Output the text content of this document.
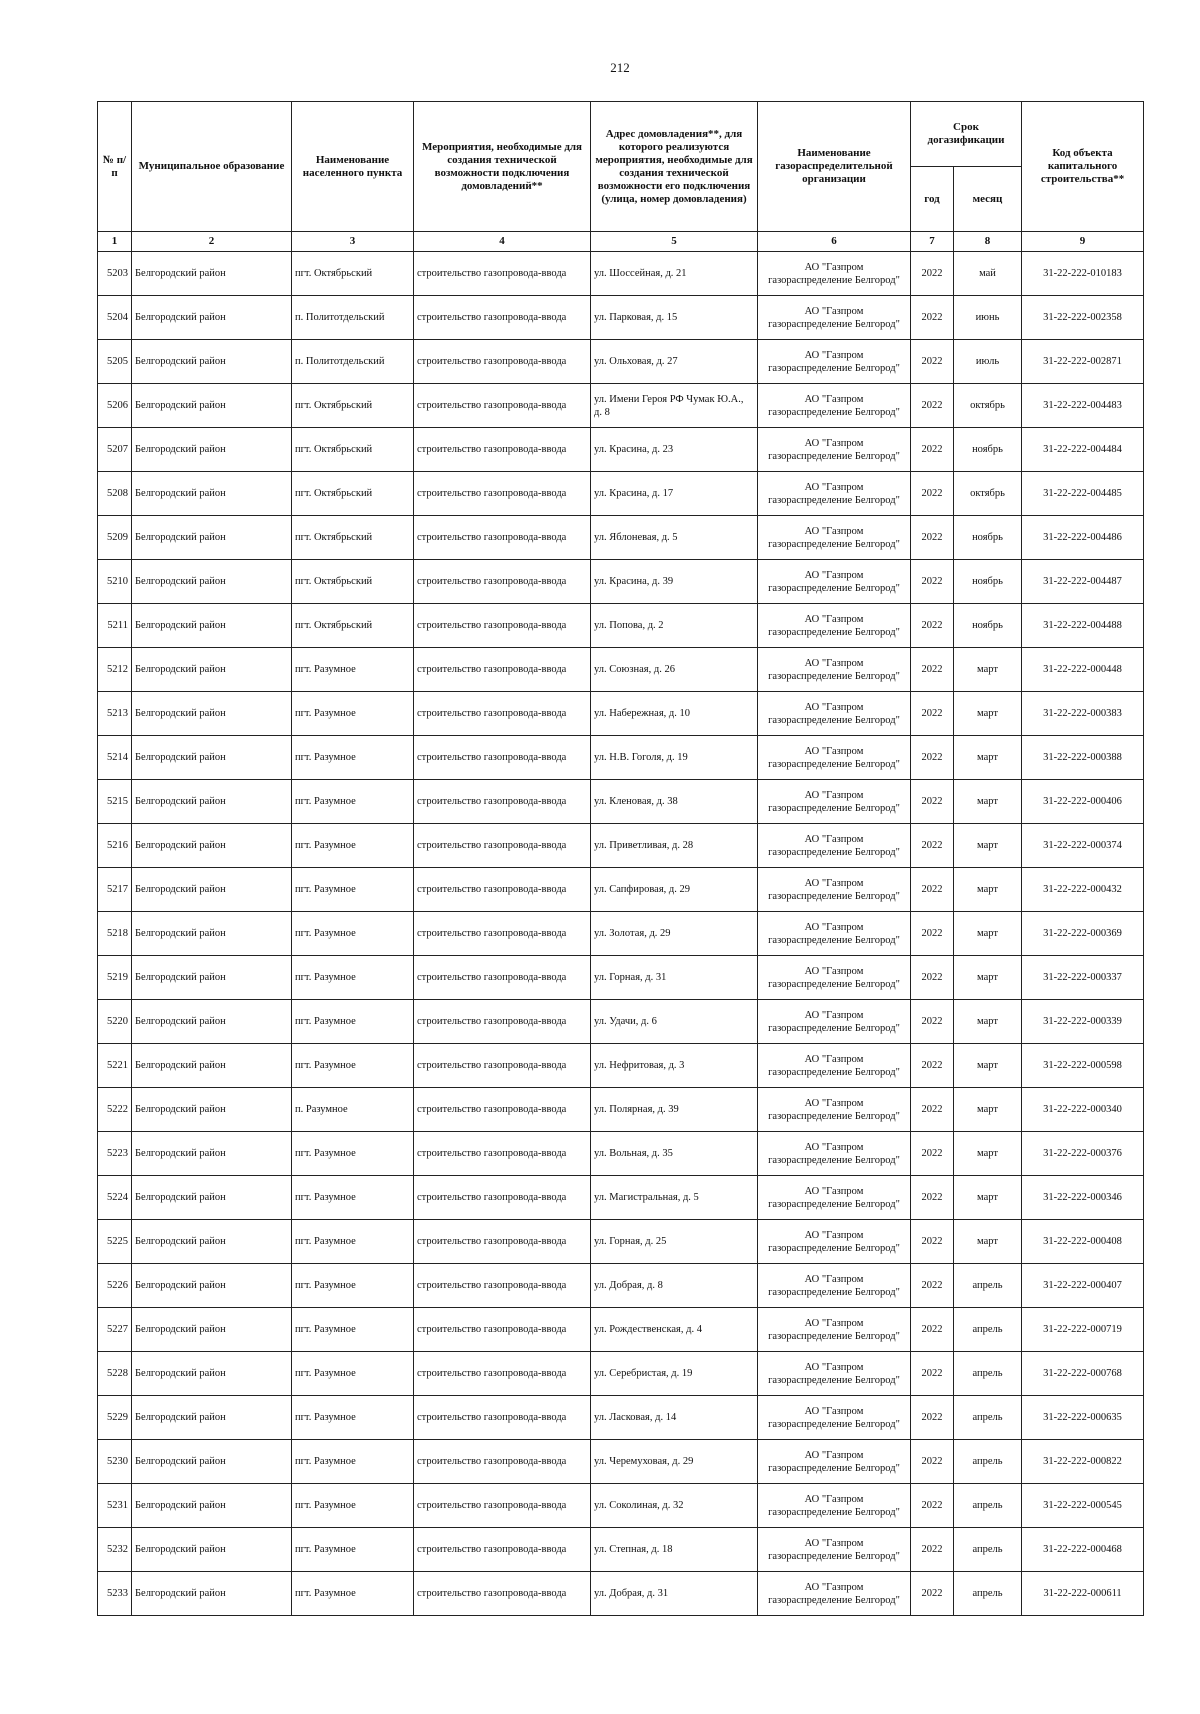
212
№ п/п	Муниципальное образование	Наименование населенного пункта	Мероприятия, необходимые для создания технической возможности подключения домовладений**	Адрес домовладения**, для которого реализуются мероприятия, необходимые для создания технической возможности его подключения (улица, номер домовладения)	Наименование газораспределительной организации	Срок догазификации		Код объекта капитального строительства**
						год	месяц	
1	2	3	4	5	6	7	8	9
5203	Белгородский район	пгт. Октябрьский	строительство газопровода-ввода	ул. Шоссейная, д. 21	АО "Газпром
газораспределение Белгород"	2022	май	31-22-222-010183
5204	Белгородский район	п. Политотдельский	строительство газопровода-ввода	ул. Парковая, д. 15	АО "Газпром
газораспределение Белгород"	2022	июнь	31-22-222-002358
5205	Белгородский район	п. Политотдельский	строительство газопровода-ввода	ул. Ольховая, д. 27	АО "Газпром
газораспределение Белгород"	2022	июль	31-22-222-002871
5206	Белгородский район	пгт. Октябрьский	строительство газопровода-ввода	ул. Имени Героя РФ Чумак Ю.А., д. 8	АО "Газпром
газораспределение Белгород"	2022	октябрь	31-22-222-004483
5207	Белгородский район	пгт. Октябрьский	строительство газопровода-ввода	ул. Красина, д. 23	АО "Газпром
газораспределение Белгород"	2022	ноябрь	31-22-222-004484
5208	Белгородский район	пгт. Октябрьский	строительство газопровода-ввода	ул. Красина, д. 17	АО "Газпром
газораспределение Белгород"	2022	октябрь	31-22-222-004485
5209	Белгородский район	пгт. Октябрьский	строительство газопровода-ввода	ул. Яблоневая, д. 5	АО "Газпром
газораспределение Белгород"	2022	ноябрь	31-22-222-004486
5210	Белгородский район	пгт. Октябрьский	строительство газопровода-ввода	ул. Красина, д. 39	АО "Газпром
газораспределение Белгород"	2022	ноябрь	31-22-222-004487
5211	Белгородский район	пгт. Октябрьский	строительство газопровода-ввода	ул. Попова, д. 2	АО "Газпром
газораспределение Белгород"	2022	ноябрь	31-22-222-004488
5212	Белгородский район	пгт. Разумное	строительство газопровода-ввода	ул. Союзная, д. 26	АО "Газпром
газораспределение Белгород"	2022	март	31-22-222-000448
5213	Белгородский район	пгт. Разумное	строительство газопровода-ввода	ул. Набережная, д. 10	АО "Газпром
газораспределение Белгород"	2022	март	31-22-222-000383
5214	Белгородский район	пгт. Разумное	строительство газопровода-ввода	ул. Н.В. Гоголя, д. 19	АО "Газпром
газораспределение Белгород"	2022	март	31-22-222-000388
5215	Белгородский район	пгт. Разумное	строительство газопровода-ввода	ул. Кленовая, д. 38	АО "Газпром
газораспределение Белгород"	2022	март	31-22-222-000406
5216	Белгородский район	пгт. Разумное	строительство газопровода-ввода	ул. Приветливая, д. 28	АО "Газпром
газораспределение Белгород"	2022	март	31-22-222-000374
5217	Белгородский район	пгт. Разумное	строительство газопровода-ввода	ул. Сапфировая, д. 29	АО "Газпром
газораспределение Белгород"	2022	март	31-22-222-000432
5218	Белгородский район	пгт. Разумное	строительство газопровода-ввода	ул. Золотая, д. 29	АО "Газпром
газораспределение Белгород"	2022	март	31-22-222-000369
5219	Белгородский район	пгт. Разумное	строительство газопровода-ввода	ул. Горная, д. 31	АО "Газпром
газораспределение Белгород"	2022	март	31-22-222-000337
5220	Белгородский район	пгт. Разумное	строительство газопровода-ввода	ул. Удачи, д. 6	АО "Газпром
газораспределение Белгород"	2022	март	31-22-222-000339
5221	Белгородский район	пгт. Разумное	строительство газопровода-ввода	ул. Нефритовая, д. 3	АО "Газпром
газораспределение Белгород"	2022	март	31-22-222-000598
5222	Белгородский район	п. Разумное	строительство газопровода-ввода	ул. Полярная, д. 39	АО "Газпром
газораспределение Белгород"	2022	март	31-22-222-000340
5223	Белгородский район	пгт. Разумное	строительство газопровода-ввода	ул. Вольная, д. 35	АО "Газпром
газораспределение Белгород"	2022	март	31-22-222-000376
5224	Белгородский район	пгт. Разумное	строительство газопровода-ввода	ул. Магистральная, д. 5	АО "Газпром
газораспределение Белгород"	2022	март	31-22-222-000346
5225	Белгородский район	пгт. Разумное	строительство газопровода-ввода	ул. Горная, д. 25	АО "Газпром
газораспределение Белгород"	2022	март	31-22-222-000408
5226	Белгородский район	пгт. Разумное	строительство газопровода-ввода	ул. Добрая, д. 8	АО "Газпром
газораспределение Белгород"	2022	апрель	31-22-222-000407
5227	Белгородский район	пгт. Разумное	строительство газопровода-ввода	ул. Рождественская, д. 4	АО "Газпром
газораспределение Белгород"	2022	апрель	31-22-222-000719
5228	Белгородский район	пгт. Разумное	строительство газопровода-ввода	ул. Серебристая, д. 19	АО "Газпром
газораспределение Белгород"	2022	апрель	31-22-222-000768
5229	Белгородский район	пгт. Разумное	строительство газопровода-ввода	ул. Ласковая, д. 14	АО "Газпром
газораспределение Белгород"	2022	апрель	31-22-222-000635
5230	Белгородский район	пгт. Разумное	строительство газопровода-ввода	ул. Черемуховая, д. 29	АО "Газпром
газораспределение Белгород"	2022	апрель	31-22-222-000822
5231	Белгородский район	пгт. Разумное	строительство газопровода-ввода	ул. Соколиная, д. 32	АО "Газпром
газораспределение Белгород"	2022	апрель	31-22-222-000545
5232	Белгородский район	пгт. Разумное	строительство газопровода-ввода	ул. Степная, д. 18	АО "Газпром
газораспределение Белгород"	2022	апрель	31-22-222-000468
5233	Белгородский район	пгт. Разумное	строительство газопровода-ввода	ул. Добрая, д. 31	АО "Газпром
газораспределение Белгород"	2022	апрель	31-22-222-000611
